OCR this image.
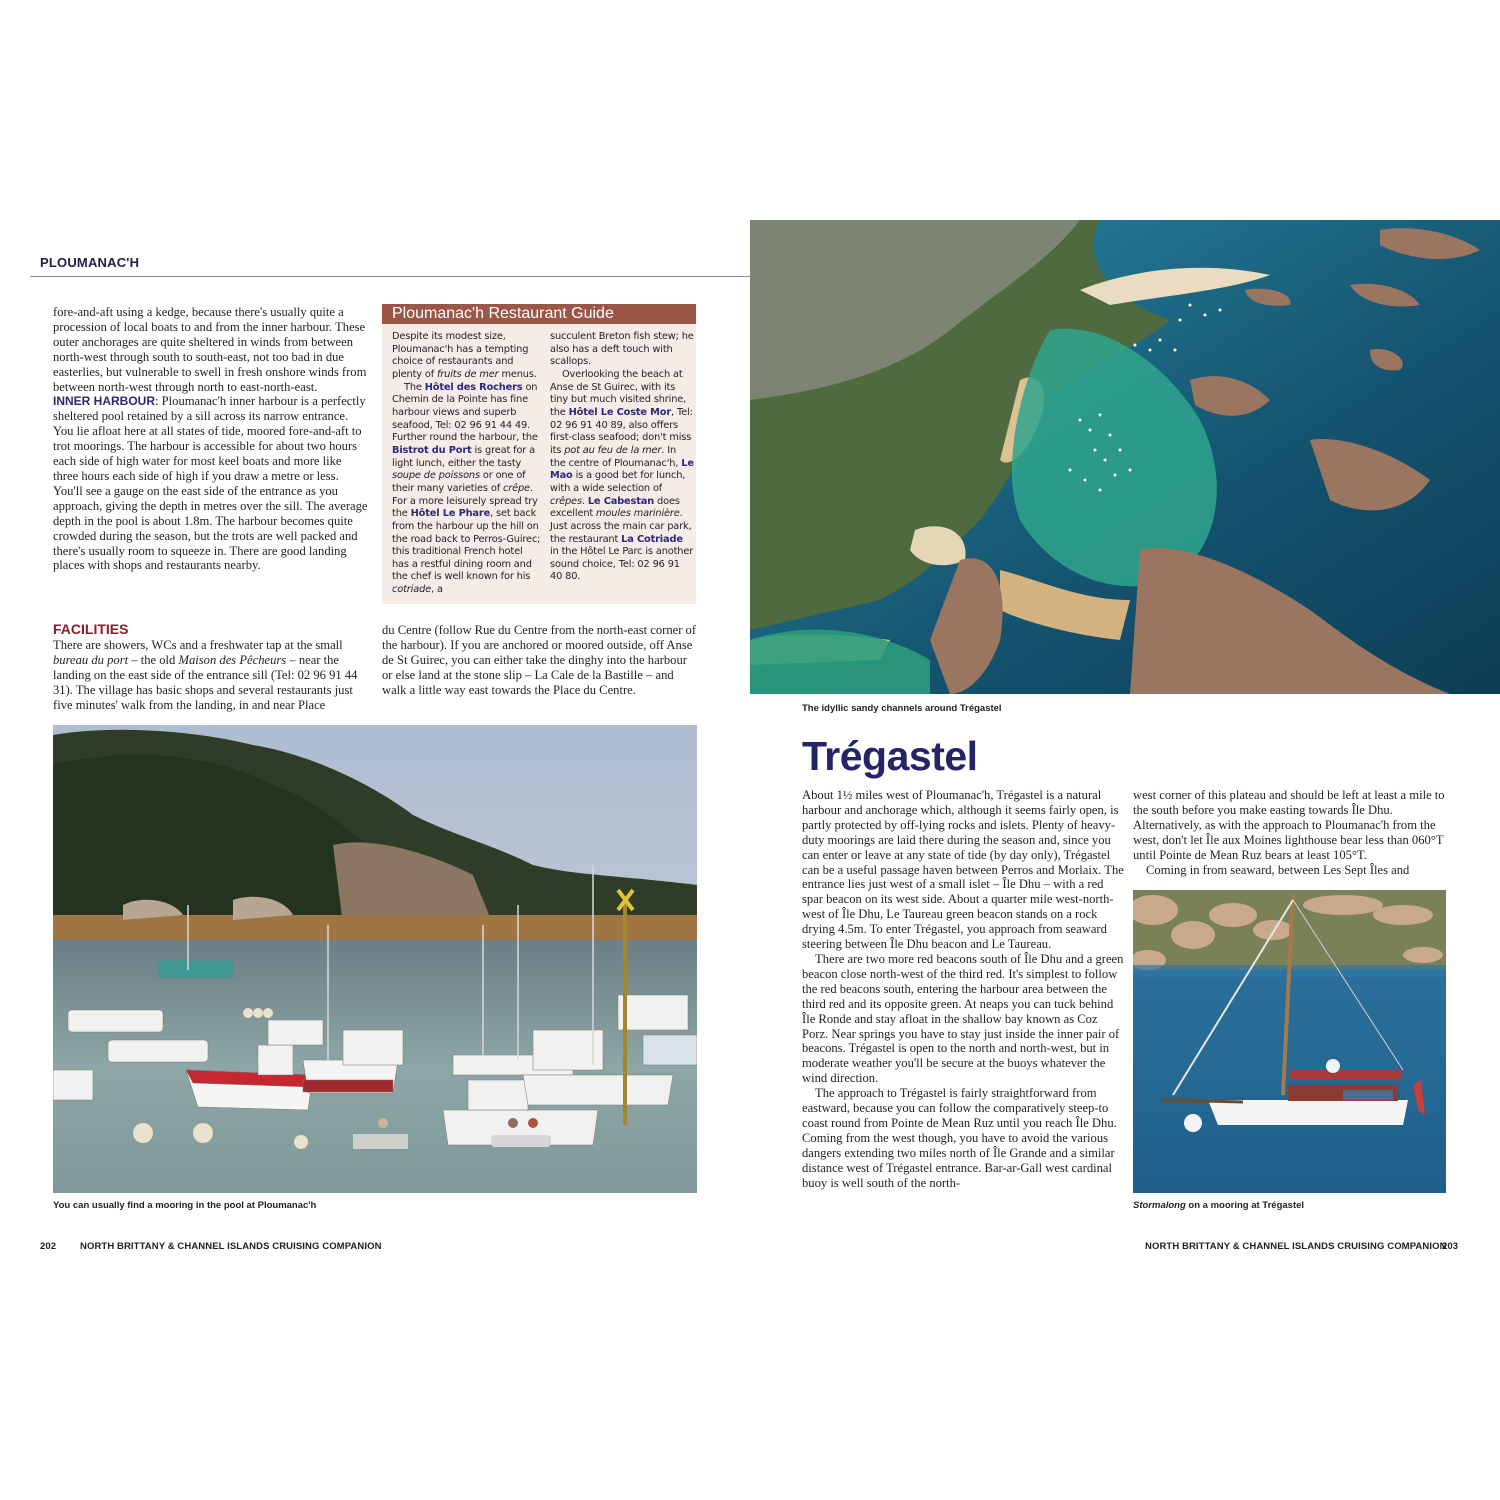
PLOUMANAC'H

fore-and-aft using a kedge, because there's usually quite a procession of local boats to and from the inner harbour. These outer anchorages are quite sheltered in winds from between north-west through south to south-east, not too bad in due easterlies, but vulnerable to swell in fresh onshore winds from between north-west through north to east-north-east.

INNER HARBOUR: Ploumanac'h inner harbour is a perfectly sheltered pool retained by a sill across its narrow entrance. You lie afloat here at all states of tide, moored fore-and-aft to trot moorings. The harbour is accessible for about two hours each side of high water for most keel boats and more like three hours each side of high if you draw a metre or less. You'll see a gauge on the east side of the entrance as you approach, giving the depth in metres over the sill. The average depth in the pool is about 1.8m. The harbour becomes quite crowded during the season, but the trots are well packed and there's usually room to squeeze in. There are good landing places with shops and restaurants nearby.

Ploumanac'h Restaurant Guide
Despite its modest size, Ploumanac'h has a tempting choice of restaurants and plenty of fruits de mer menus.
The Hôtel des Rochers on Chemin de la Pointe has fine harbour views and superb seafood, Tel: 02 96 91 44 49. Further round the harbour, the Bistrot du Port is great for a light lunch, either the tasty soupe de poissons or one of their many varieties of crêpe. For a more leisurely spread try the Hôtel Le Phare, set back from the harbour up the hill on the road back to Perros-Guirec; this traditional French hotel has a restful dining room and the chef is well known for his cotriade, a
succulent Breton fish stew; he also has a deft touch with scallops.
Overlooking the beach at Anse de St Guirec, with its tiny but much visited shrine, the Hôtel Le Coste Mor, Tel: 02 96 91 40 89, also offers first-class seafood; don't miss its pot au feu de la mer. In the centre of Ploumanac'h, Le Mao is a good bet for lunch, with a wide selection of crêpes. Le Cabestan does excellent moules marinière. Just across the main car park, the restaurant La Cotriade in the Hôtel Le Parc is another sound choice, Tel: 02 96 91 40 80.
FACILITIES
There are showers, WCs and a freshwater tap at the small bureau du port – the old Maison des Pêcheurs – near the landing on the east side of the entrance sill (Tel: 02 96 91 44 31). The village has basic shops and several restaurants just five minutes' walk from the landing, in and near Place
du Centre (follow Rue du Centre from the north-east corner of the harbour). If you are anchored or moored outside, off Anse de St Guirec, you can either take the dinghy into the harbour or else land at the stone slip – La Cale de la Bastille – and walk a little way east towards the Place du Centre.
You can usually find a mooring in the pool at Ploumanac'h
202	NORTH BRITTANY & CHANNEL ISLANDS CRUISING COMPANION
The idyllic sandy channels around Trégastel
Trégastel

About 1½ miles west of Ploumanac'h, Trégastel is a natural harbour and anchorage which, although it seems fairly open, is partly protected by off-lying rocks and islets. Plenty of heavy-duty moorings are laid there during the season and, since you can enter or leave at any state of tide (by day only), Trégastel can be a useful passage haven between Perros and Morlaix. The entrance lies just west of a small islet – Île Dhu – with a red spar beacon on its west side. About a quarter mile west-north-west of Île Dhu, Le Taureau green beacon stands on a rock drying 4.5m. To enter Trégastel, you approach from seaward steering between Île Dhu beacon and Le Taureau.

There are two more red beacons south of Île Dhu and a green beacon close north-west of the third red. It's simplest to follow the red beacons south, entering the harbour area between the third red and its opposite green. At neaps you can tuck behind Île Ronde and stay afloat in the shallow bay known as Coz Porz. Near springs you have to stay just inside the inner pair of beacons. Trégastel is open to the north and north-west, but in moderate weather you'll be secure at the buoys whatever the wind direction.

The approach to Trégastel is fairly straightforward from eastward, because you can follow the comparatively steep-to coast round from Pointe de Mean Ruz until you reach Île Dhu. Coming from the west though, you have to avoid the various dangers extending two miles north of Île Grande and a similar distance west of Trégastel entrance. Bar-ar-Gall west cardinal buoy is well south of the north-

west corner of this plateau and should be left at least a mile to the south before you make easting towards Île Dhu. Alternatively, as with the approach to Ploumanac'h from the west, don't let Île aux Moines lighthouse bear less than 060°T until Pointe de Mean Ruz bears at least 105°T.

Coming in from seaward, between Les Sept Îles and

Stormalong on a mooring at Trégastel
NORTH BRITTANY & CHANNEL ISLANDS CRUISING COMPANION
203
